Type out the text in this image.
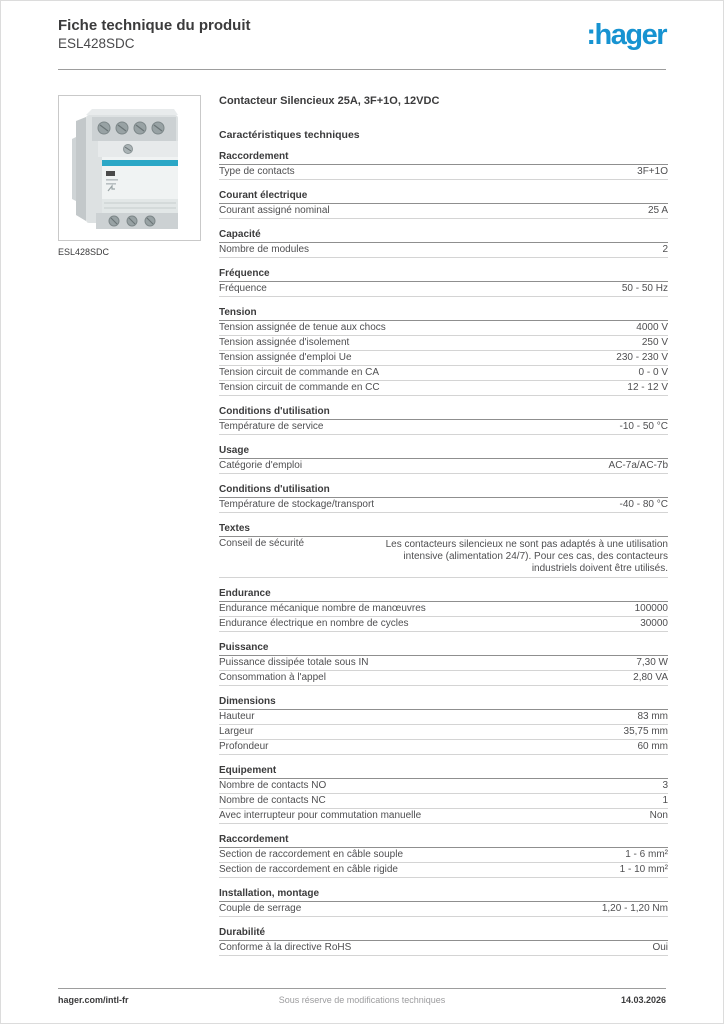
Fiche technique du produit
ESL428SDC	:hager
ESL428SDC
Contacteur Silencieux 25A, 3F+1O, 12VDC
Caractéristiques techniques
Raccordement
Type de contacts	3F+1O
Courant électrique
Courant assigné nominal	25 A
Capacité
Nombre de modules	2
Fréquence
Fréquence	50 - 50 Hz
Tension
Tension assignée de tenue aux chocs	4000 V
Tension assignée d'isolement	250 V
Tension assignée d'emploi Ue	230 - 230 V
Tension circuit de commande en CA	0 - 0 V
Tension circuit de commande en CC	12 - 12 V
Conditions d'utilisation
Température de service	-10 - 50 °C
Usage
Catégorie d'emploi	AC-7a/AC-7b
Conditions d'utilisation
Température de stockage/transport	-40 - 80 °C
Textes
Conseil de sécurité	Les contacteurs silencieux ne sont pas adaptés à une utilisation intensive (alimentation 24/7). Pour ces cas, des contacteurs industriels doivent être utilisés.
Endurance
Endurance mécanique nombre de manœuvres	100000
Endurance électrique en nombre de cycles	30000
Puissance
Puissance dissipée totale sous IN	7,30 W
Consommation à l'appel	2,80 VA
Dimensions
Hauteur	83 mm
Largeur	35,75 mm
Profondeur	60 mm
Equipement
Nombre de contacts NO	3
Nombre de contacts NC	1
Avec interrupteur pour commutation manuelle	Non
Raccordement
Section de raccordement en câble souple	1 - 6 mm²
Section de raccordement en câble rigide	1 - 10 mm²
Installation, montage
Couple de serrage	1,20 - 1,20 Nm
Durabilité
Conforme à la directive RoHS	Oui
hager.com/intl-fr	Sous réserve de modifications techniques	14.03.2026
